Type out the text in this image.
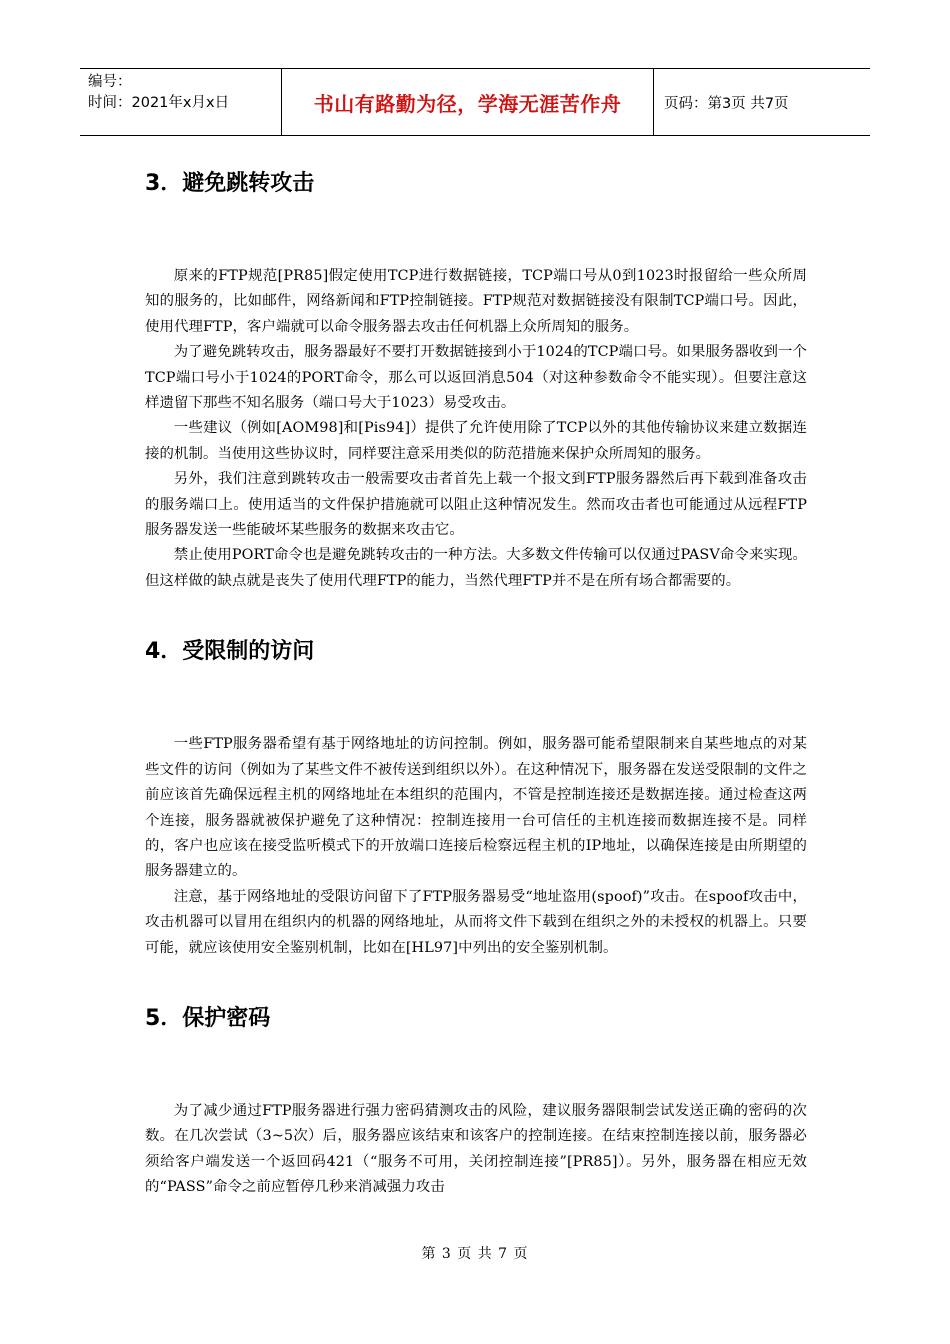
编号：
时间：2021年x月x日	书山有路勤为径，学海无涯苦作舟	页码：第3页 共7页
3．避免跳转攻击

原来的FTP规范[PR85]假定使用TCP进行数据链接，TCP端口号从0到1023时报留给一些众所周知的服务的，比如邮件，网络新闻和FTP控制链接。FTP规范对数据链接没有限制TCP端口号。因此，使用代理FTP，客户端就可以命令服务器去攻击任何机器上众所周知的服务。

为了避免跳转攻击，服务器最好不要打开数据链接到小于1024的TCP端口号。如果服务器收到一个TCP端口号小于1024的PORT命令，那么可以返回消息504（对这种参数命令不能实现）。但要注意这样遗留下那些不知名服务（端口号大于1023）易受攻击。

一些建议（例如[AOM98]和[Pis94]）提供了允许使用除了TCP以外的其他传输协议来建立数据连接的机制。当使用这些协议时，同样要注意采用类似的防范措施来保护众所周知的服务。

另外，我们注意到跳转攻击一般需要攻击者首先上载一个报文到FTP服务器然后再下载到准备攻击的服务端口上。使用适当的文件保护措施就可以阻止这种情况发生。然而攻击者也可能通过从远程FTP服务器发送一些能破坏某些服务的数据来攻击它。

禁止使用PORT命令也是避免跳转攻击的一种方法。大多数文件传输可以仅通过PASV命令来实现。但这样做的缺点就是丧失了使用代理FTP的能力，当然代理FTP并不是在所有场合都需要的。

4．受限制的访问

一些FTP服务器希望有基于网络地址的访问控制。例如，服务器可能希望限制来自某些地点的对某些文件的访问（例如为了某些文件不被传送到组织以外）。在这种情况下，服务器在发送受限制的文件之前应该首先确保远程主机的网络地址在本组织的范围内，不管是控制连接还是数据连接。通过检查这两个连接，服务器就被保护避免了这种情况：控制连接用一台可信任的主机连接而数据连接不是。同样的，客户也应该在接受监听模式下的开放端口连接后检察远程主机的IP地址，以确保连接是由所期望的服务器建立的。

注意，基于网络地址的受限访问留下了FTP服务器易受“地址盗用(spoof)”攻击。在spoof攻击中，攻击机器可以冒用在组织内的机器的网络地址，从而将文件下载到在组织之外的未授权的机器上。只要可能，就应该使用安全鉴别机制，比如在[HL97]中列出的安全鉴别机制。

5．保护密码

为了减少通过FTP服务器进行强力密码猜测攻击的风险，建议服务器限制尝试发送正确的密码的次数。在几次尝试（3~5次）后，服务器应该结束和该客户的控制连接。在结束控制连接以前，服务器必须给客户端发送一个返回码421（“服务不可用，关闭控制连接”[PR85]）。另外，服务器在相应无效的“PASS”命令之前应暂停几秒来消减强力攻击

第 3 页 共 7 页
